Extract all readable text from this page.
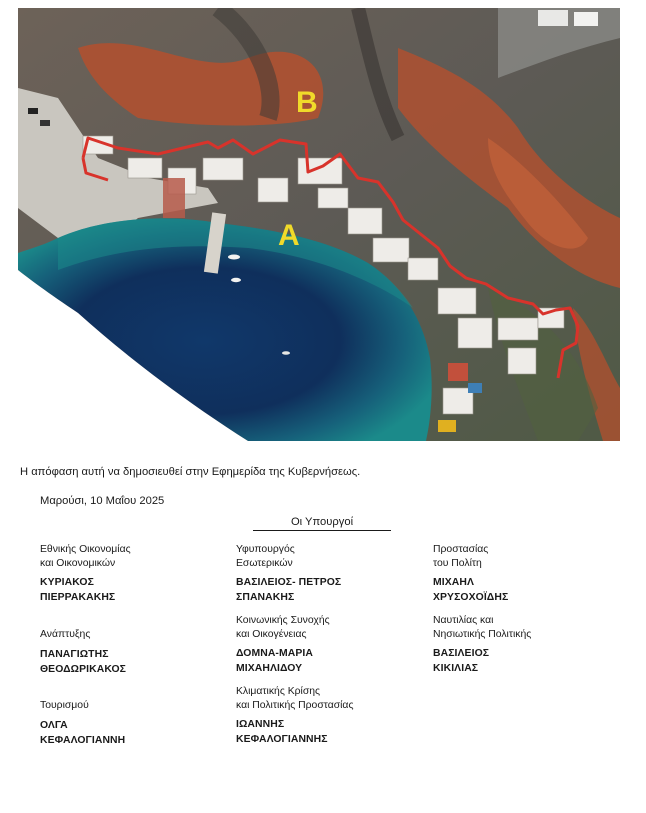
A
B
Η απόφαση αυτή να δημοσιευθεί στην Εφημερίδα της Κυβερνήσεως.
Μαρούσι, 10 Μαΐου 2025
Οι Υπουργοί
Εθνικής Οικονομίας
και Οικονομικών
ΚΥΡΙΑΚΟΣ
ΠΙΕΡΡΑΚΑΚΗΣ
Ανάπτυξης
ΠΑΝΑΓΙΩΤΗΣ
ΘΕΟΔΩΡΙΚΑΚΟΣ
Τουρισμού
ΟΛΓΑ
ΚΕΦΑΛΟΓΙΑΝΝΗ
Υφυπουργός
Εσωτερικών
ΒΑΣΙΛΕΙΟΣ- ΠΕΤΡΟΣ
ΣΠΑΝΑΚΗΣ
Κοινωνικής Συνοχής
και Οικογένειας
ΔΟΜΝΑ-ΜΑΡΙΑ
ΜΙΧΑΗΛΙΔΟΥ
Κλιματικής Κρίσης
και Πολιτικής Προστασίας
ΙΩΑΝΝΗΣ
ΚΕΦΑΛΟΓΙΑΝΝΗΣ
Προστασίας
του Πολίτη
ΜΙΧΑΗΛ
ΧΡΥΣΟΧΟΪΔΗΣ
Ναυτιλίας και
Νησιωτικής Πολιτικής
ΒΑΣΙΛΕΙΟΣ
ΚΙΚΙΛΙΑΣ
